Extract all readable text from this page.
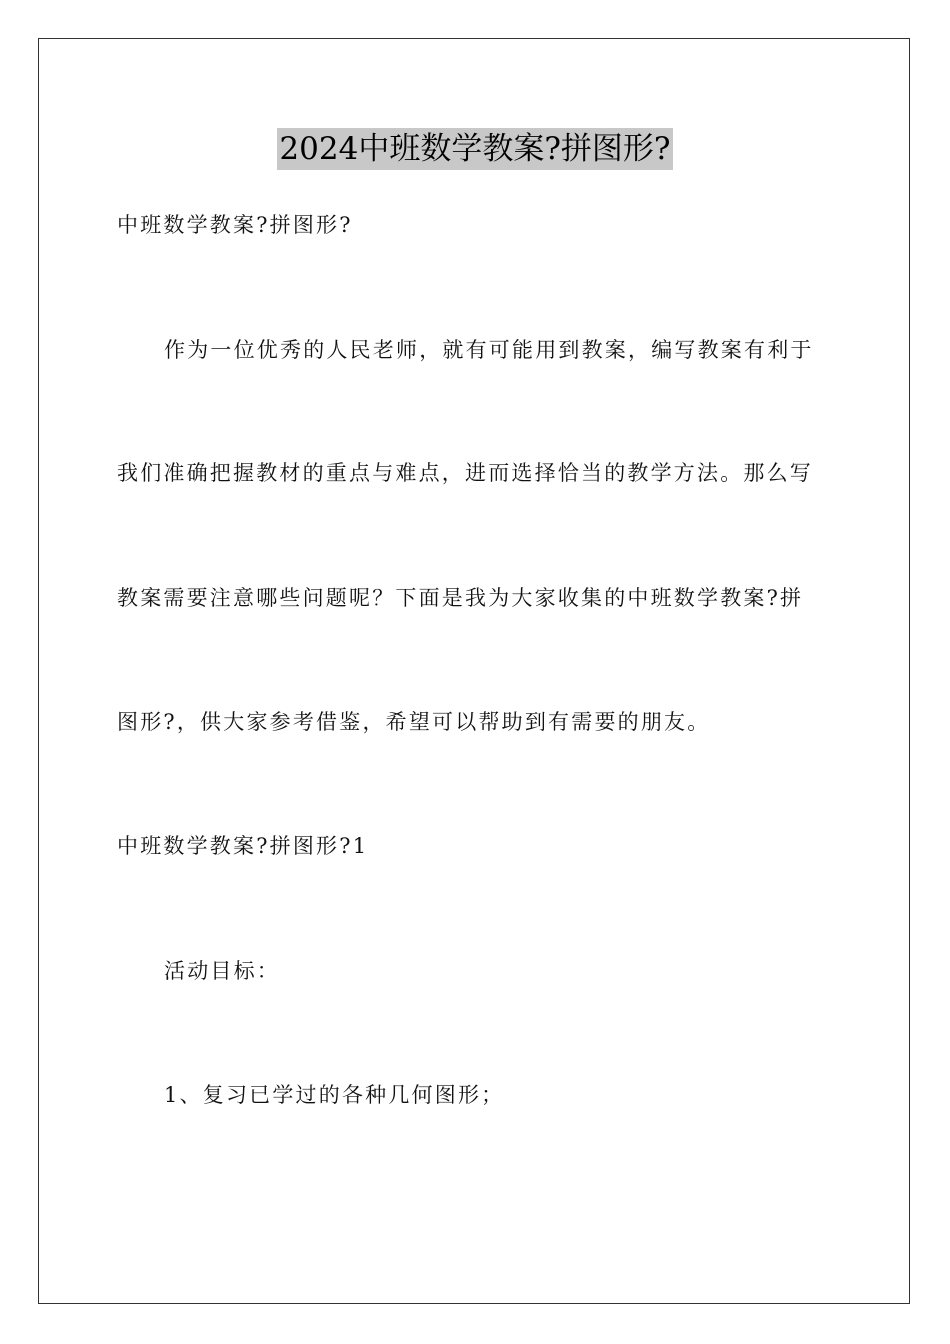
2024中班数学教案?拼图形?
中班数学教案?拼图形?
作为一位优秀的人民老师，就有可能用到教案，编写教案有利于
我们准确把握教材的重点与难点，进而选择恰当的教学方法。那么写
教案需要注意哪些问题呢？下面是我为大家收集的中班数学教案?拼
图形?，供大家参考借鉴，希望可以帮助到有需要的朋友。
中班数学教案?拼图形?1
活动目标：
1、复习已学过的各种几何图形；
